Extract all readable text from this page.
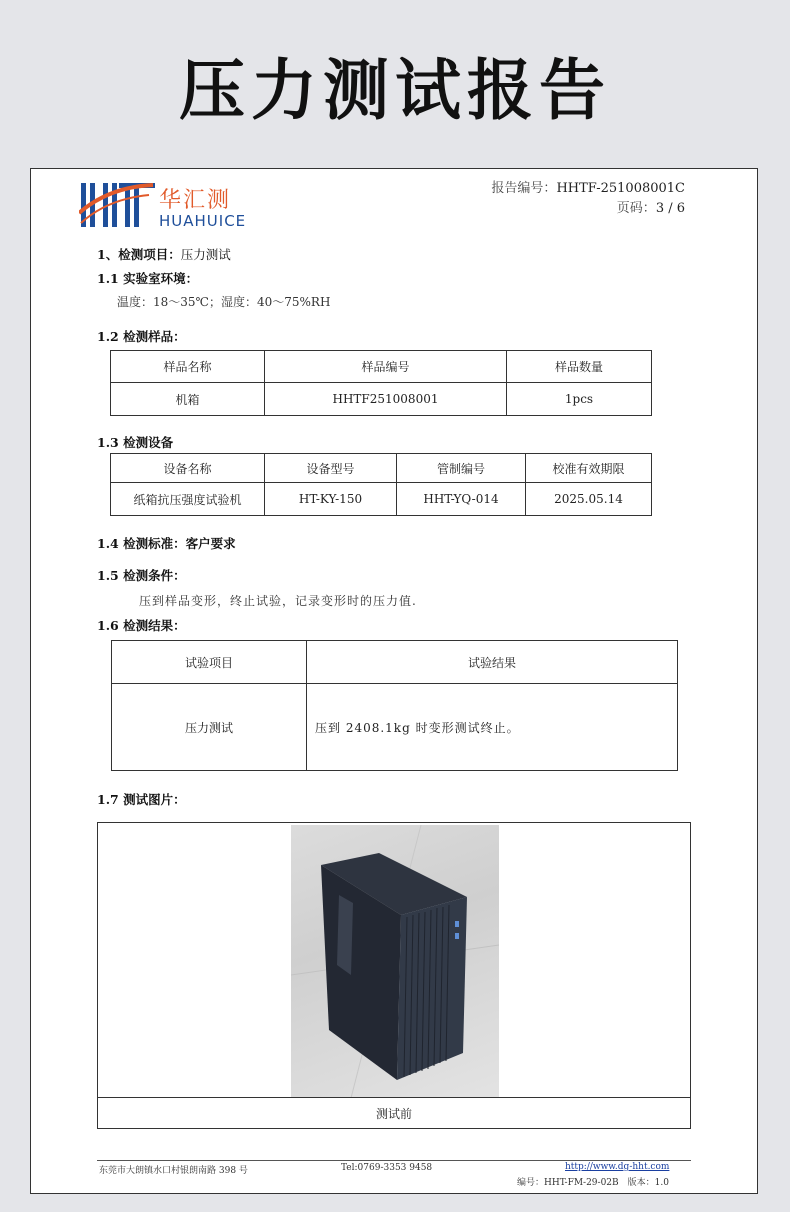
压力测试报告
华汇测
HUAHUICE
报告编号：HHTF-251008001C
页码：3 / 6
1、检测项目：压力测试
1.1 实验室环境：
温度：18～35℃；湿度：40～75%RH
1.2 检测样品：
样品名称	样品编号	样品数量
机箱	HHTF251008001	1pcs
1.3 检测设备
设备名称	设备型号	管制编号	校准有效期限
纸箱抗压强度试验机	HT-KY-150	HHT-YQ-014	2025.05.14
1.4 检测标准：客户要求
1.5 检测条件：
压到样品变形，终止试验，记录变形时的压力值.
1.6 检测结果：
试验项目	试验结果
压力测试	压到 2408.1kg 时变形测试终止。
1.7 测试图片：
测试前
东莞市大朗镇水口村银朗南路 398 号	Tel:0769-3353 9458	http://www.dg-hht.com
编号：HHT-FM-29-02B　版本：1.0
